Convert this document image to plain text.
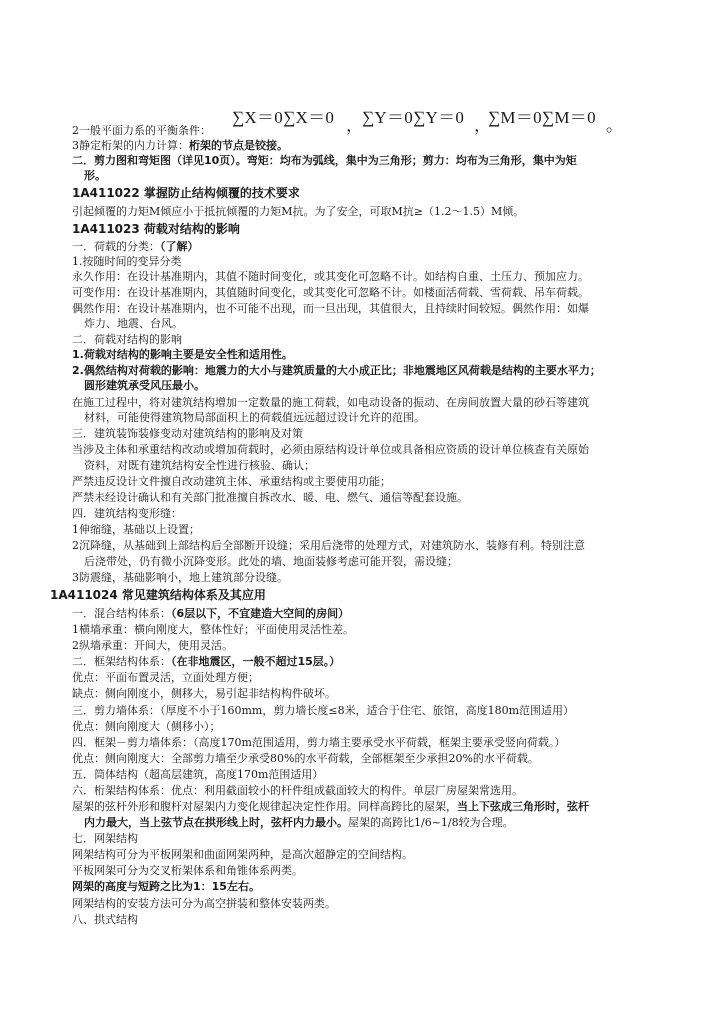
∑X＝0∑X＝0 ，
∑Y＝0∑Y＝0 ，
∑M＝0∑M＝0 。
2一般平面力系的平衡条件：
3静定桁架的内力计算：桁架的节点是铰接。
二．剪力图和弯矩图（详见10页）。弯矩：均布为弧线，集中为三角形；剪力：均布为三角形，集中为矩
形。
1A411022 掌握防止结构倾覆的技术要求
引起倾覆的力矩M倾应小于抵抗倾覆的力矩M抗。为了安全，可取M抗≥（1.2～1.5）M倾。
1A411023 荷载对结构的影响
一．荷载的分类：（了解）
1.按随时间的变异分类
永久作用：在设计基准期内，其值不随时间变化，或其变化可忽略不计。如结构自重、土压力、预加应力。
可变作用：在设计基准期内，其值随时间变化，或其变化可忽略不计。如楼面活荷载、雪荷载、吊车荷载。
偶然作用：在设计基准期内，也不可能不出现，而一旦出现，其值很大，且持续时间较短。偶然作用：如爆
炸力、地震、台风。
二．荷载对结构的影响
1.荷载对结构的影响主要是安全性和适用性。
2.偶然结构对荷载的影响：地震力的大小与建筑质量的大小成正比；非地震地区风荷载是结构的主要水平力；
圆形建筑承受风压最小。
在施工过程中，将对建筑结构增加一定数量的施工荷载，如电动设备的振动、在房间放置大量的砂石等建筑
材料，可能使得建筑物局部面积上的荷载值远远超过设计允许的范围。
三．建筑装饰装修变动对建筑结构的影响及对策
当涉及主体和承重结构改动或增加荷载时，必须由原结构设计单位或具备相应资质的设计单位核查有关原始
资料，对既有建筑结构安全性进行核验、确认；
严禁违反设计文件擅自改动建筑主体、承重结构或主要使用功能；
严禁未经设计确认和有关部门批准擅自拆改水、暖、电、燃气、通信等配套设施。
四．建筑结构变形缝：
1伸缩缝，基础以上设置；
2沉降缝，从基础到上部结构后全部断开设缝；采用后浇带的处理方式，对建筑防水、装修有利。特别注意
后浇带处，仍有微小沉降变形。此处的墙、地面装修考虑可能开裂，需设缝；
3防震缝，基础影响小，地上建筑部分设缝。
1A411024 常见建筑结构体系及其应用
一．混合结构体系：（6层以下，不宜建造大空间的房间）
1横墙承重：横向刚度大，整体性好；平面使用灵活性差。
2纵墙承重：开间大，使用灵活。
二．框架结构体系：（在非地震区，一般不超过15层。）
优点：平面布置灵活，立面处理方便；
缺点：侧向刚度小，侧移大，易引起非结构构件破坏。
三．剪力墙体系：（厚度不小于160mm，剪力墙长度≤8米，适合于住宅、旅馆，高度180m范围适用）
优点：侧向刚度大（侧移小）；
四．框架－剪力墙体系：（高度170m范围适用，剪力墙主要承受水平荷载，框架主要承受竖向荷载。）
优点：侧向刚度大：全部剪力墙至少承受80%的水平荷载，全部框架至少承担20%的水平荷载。
五．筒体结构（超高层建筑，高度170m范围适用）
六．桁架结构体系：优点：利用截面较小的杆件组成截面较大的构件。单层厂房屋架常选用。
屋架的弦杆外形和腹杆对屋架内力变化规律起决定性作用。同样高跨比的屋架，当上下弦成三角形时，弦杆
内力最大，当上弦节点在拱形线上时，弦杆内力最小。屋架的高跨比1/6~1/8较为合理。
七．网架结构
网架结构可分为平板网架和曲面网架两种，是高次超静定的空间结构。
平板网架可分为交叉桁架体系和角锥体系两类。
网架的高度与短跨之比为1：15左右。
网架结构的安装方法可分为高空拼装和整体安装两类。
八、拱式结构
